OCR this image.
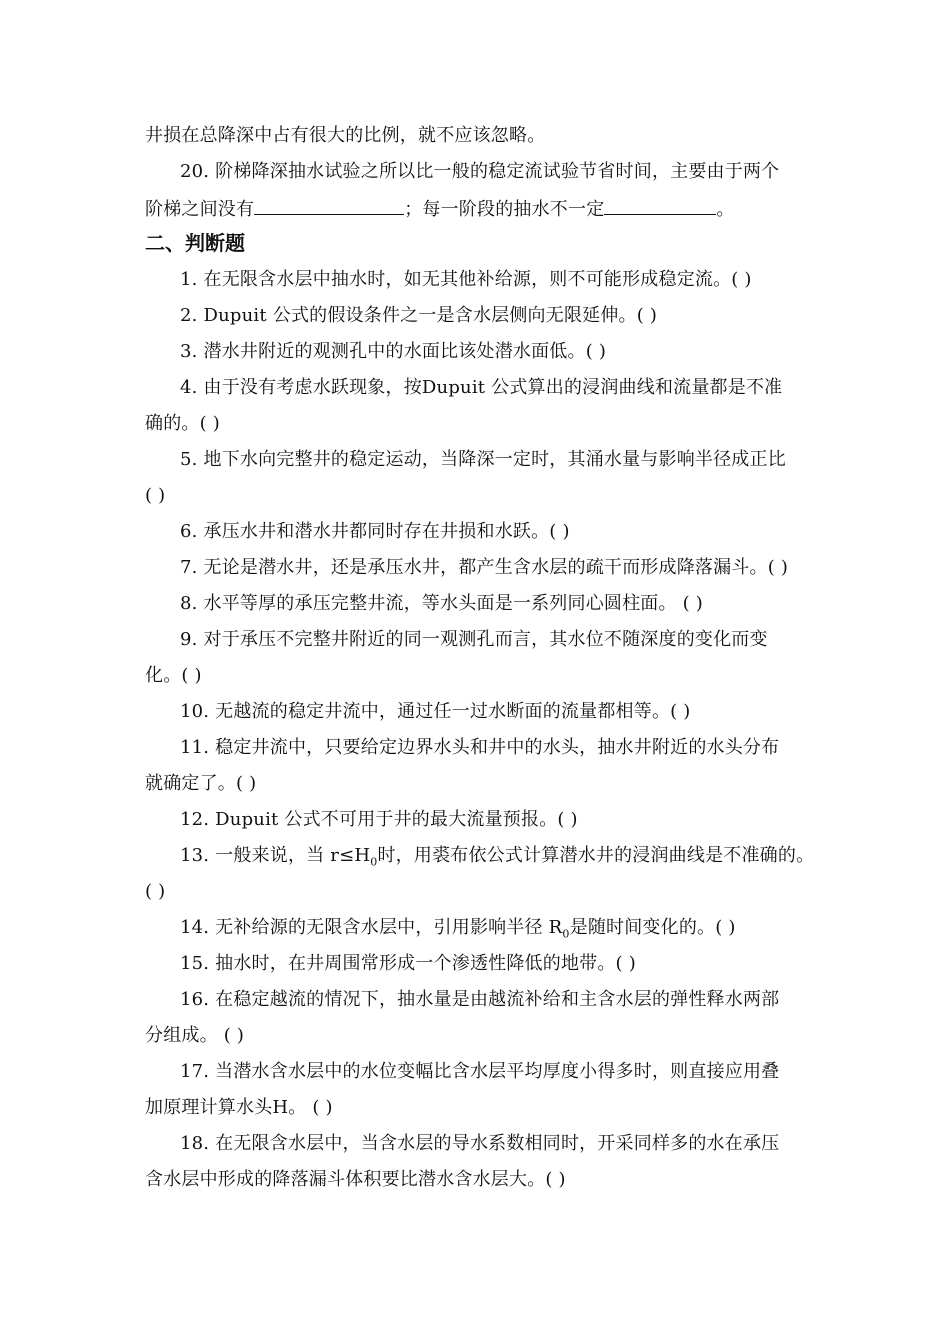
井损在总降深中占有很大的比例，就不应该忽略。
20. 阶梯降深抽水试验之所以比一般的稳定流试验节省时间，主要由于两个
阶梯之间没有	；每一阶段的抽水不一定	。
二、判断题
1. 在无限含水层中抽水时，如无其他补给源，则不可能形成稳定流。( )
2. Dupuit 公式的假设条件之一是含水层侧向无限延伸。( )
3. 潜水井附近的观测孔中的水面比该处潜水面低。( )
4. 由于没有考虑水跃现象，按Dupuit 公式算出的浸润曲线和流量都是不准
确的。( )
5. 地下水向完整井的稳定运动，当降深一定时，其涌水量与影响半径成正比
( )
6. 承压水井和潜水井都同时存在井损和水跃。( )
7. 无论是潜水井，还是承压水井，都产生含水层的疏干而形成降落漏斗。( )
8. 水平等厚的承压完整井流，等水头面是一系列同心圆柱面。 ( )
9. 对于承压不完整井附近的同一观测孔而言，其水位不随深度的变化而变
化。( )
10. 无越流的稳定井流中，通过任一过水断面的流量都相等。( )
11. 稳定井流中，只要给定边界水头和井中的水头，抽水井附近的水头分布
就确定了。( )
12. Dupuit 公式不可用于井的最大流量预报。( )
13. 一般来说，当 $r\le H_0$时，用裘布依公式计算潜水井的浸润曲线是不准确的。
( )
14. 无补给源的无限含水层中，引用影响半径 $R_0$是随时间变化的。( )
15. 抽水时，在井周围常形成一个渗透性降低的地带。( )
16. 在稳定越流的情况下，抽水量是由越流补给和主含水层的弹性释水两部
分组成。 ( )
17. 当潜水含水层中的水位变幅比含水层平均厚度小得多时，则直接应用叠
加原理计算水头H。 ( )
18. 在无限含水层中，当含水层的导水系数相同时，开采同样多的水在承压
含水层中形成的降落漏斗体积要比潜水含水层大。( )
